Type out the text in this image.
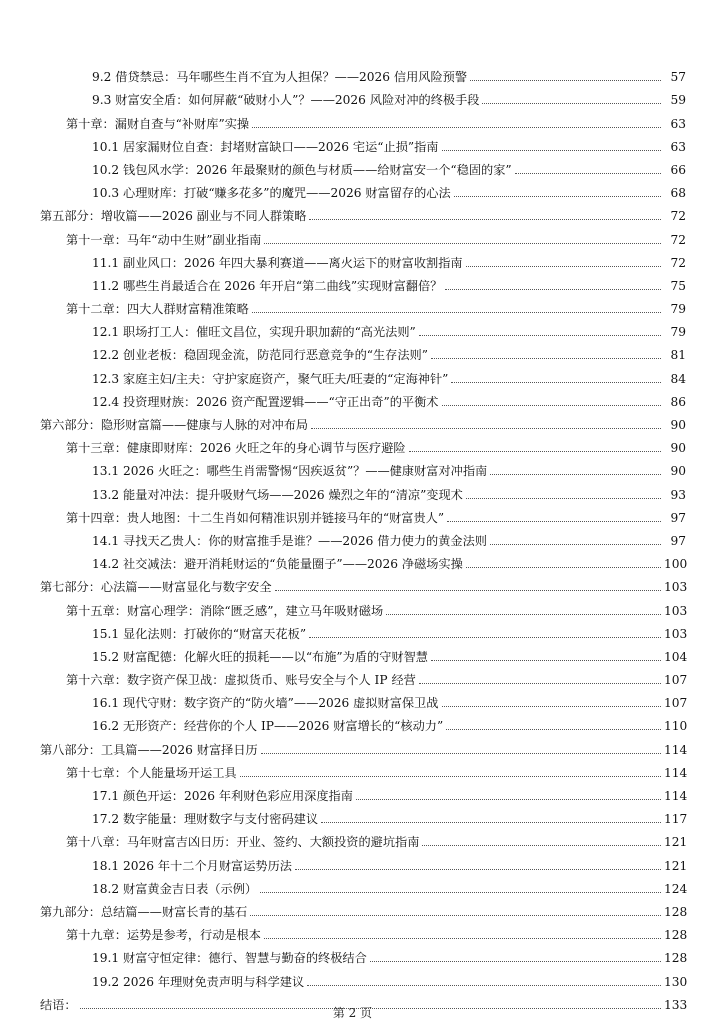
9.2 借贷禁忌：马年哪些生肖不宜为人担保？——2026 信用风险预警	57
9.3 财富安全盾：如何屏蔽“破财小人”？——2026 风险对冲的终极手段	59
第十章：漏财自查与“补财库”实操	63
10.1 居家漏财位自查：封堵财富缺口——2026 宅运“止损”指南	63
10.2 钱包风水学：2026 年最聚财的颜色与材质——给财富安一个“稳固的家”	66
10.3 心理财库：打破“赚多花多”的魔咒——2026 财富留存的心法	68
第五部分：增收篇——2026 副业与不同人群策略	72
第十一章：马年“动中生财”副业指南	72
11.1 副业风口：2026 年四大暴利赛道——离火运下的财富收割指南	72
11.2 哪些生肖最适合在 2026 年开启“第二曲线”实现财富翻倍？	75
第十二章：四大人群财富精准策略	79
12.1 职场打工人：催旺文昌位，实现升职加薪的“高光法则”	79
12.2 创业老板：稳固现金流，防范同行恶意竞争的“生存法则”	81
12.3 家庭主妇/主夫：守护家庭资产，聚气旺夫/旺妻的“定海神针”	84
12.4 投资理财族：2026 资产配置逻辑——“守正出奇”的平衡术	86
第六部分：隐形财富篇——健康与人脉的对冲布局	90
第十三章：健康即财库：2026 火旺之年的身心调节与医疗避险	90
13.1 2026 火旺之：哪些生肖需警惕“因疾返贫”？——健康财富对冲指南	90
13.2 能量对冲法：提升吸财气场——2026 燥烈之年的“清凉”变现术	93
第十四章：贵人地图：十二生肖如何精准识别并链接马年的“财富贵人”	97
14.1 寻找天乙贵人：你的财富推手是谁？——2026 借力使力的黄金法则	97
14.2 社交减法：避开消耗财运的“负能量圈子”——2026 净磁场实操	100
第七部分：心法篇——财富显化与数字安全	103
第十五章：财富心理学：消除“匮乏感”，建立马年吸财磁场	103
15.1 显化法则：打破你的“财富天花板”	103
15.2 财富配德：化解火旺的损耗——以“布施”为盾的守财智慧	104
第十六章：数字资产保卫战：虚拟货币、账号安全与个人 IP 经营	107
16.1 现代守财：数字资产的“防火墙”——2026 虚拟财富保卫战	107
16.2 无形资产：经营你的个人 IP——2026 财富增长的“核动力”	110
第八部分：工具篇——2026 财富择日历	114
第十七章：个人能量场开运工具	114
17.1 颜色开运：2026 年利财色彩应用深度指南	114
17.2 数字能量：理财数字与支付密码建议	117
第十八章：马年财富吉凶日历：开业、签约、大额投资的避坑指南	121
18.1 2026 年十二个月财富运势历法	121
18.2 财富黄金吉日表（示例）	124
第九部分：总结篇——财富长青的基石	128
第十九章：运势是参考，行动是根本	128
19.1 财富守恒定律：德行、智慧与勤奋的终极结合	128
19.2 2026 年理财免责声明与科学建议	130
结语：	133
第 2 页
